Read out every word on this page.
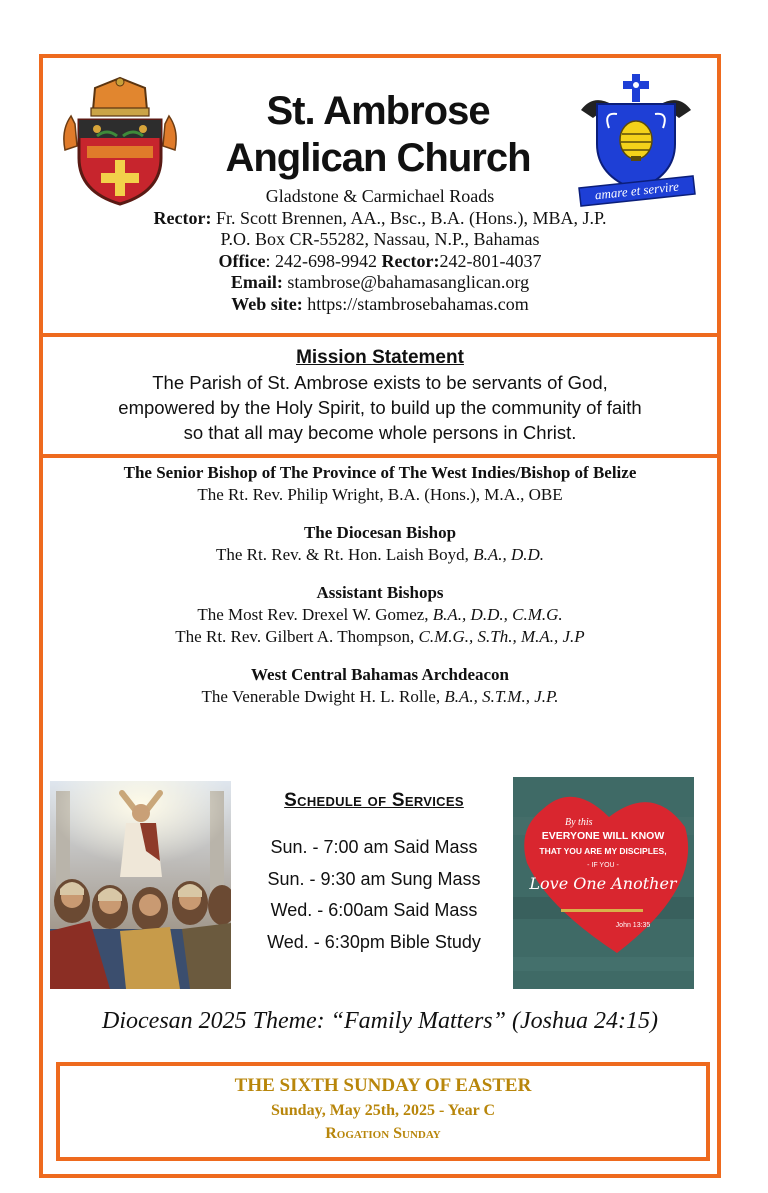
St. Ambrose
Anglican Church
amare et servire
Gladstone & Carmichael Roads
Rector: Fr. Scott Brennen, AA., Bsc., B.A. (Hons.), MBA, J.P.
P.O. Box CR-55282, Nassau, N.P., Bahamas
Office: 242-698-9942 Rector:242-801-4037
Email: stambrose@bahamasanglican.org
Web site: https://stambrosebahamas.com
Mission Statement
The Parish of St. Ambrose exists to be servants of God,
empowered by the Holy Spirit, to build up the community of faith
so that all may become whole persons in Christ.
The Senior Bishop of The Province of The West Indies/Bishop of Belize
The Rt. Rev. Philip Wright, B.A. (Hons.), M.A., OBE
The Diocesan Bishop
The Rt. Rev. & Rt. Hon. Laish Boyd, B.A., D.D.
Assistant Bishops
The Most Rev. Drexel W. Gomez, B.A., D.D., C.M.G.
The Rt. Rev. Gilbert A. Thompson, C.M.G., S.Th., M.A., J.P
West Central Bahamas Archdeacon
The Venerable Dwight H. L. Rolle, B.A., S.T.M., J.P.
Schedule of Services
Sun. - 7:00 am Said Mass
Sun. - 9:30 am Sung Mass
Wed. - 6:00am Said Mass
Wed. - 6:30pm Bible Study
By this
EVERYONE WILL KNOW
THAT YOU ARE MY DISCIPLES,
- IF YOU -
Love One Another
John 13:35
Diocesan 2025 Theme: “Family Matters” (Joshua 24:15)
THE SIXTH SUNDAY OF EASTER
Sunday, May 25th, 2025 - Year C
Rogation Sunday
